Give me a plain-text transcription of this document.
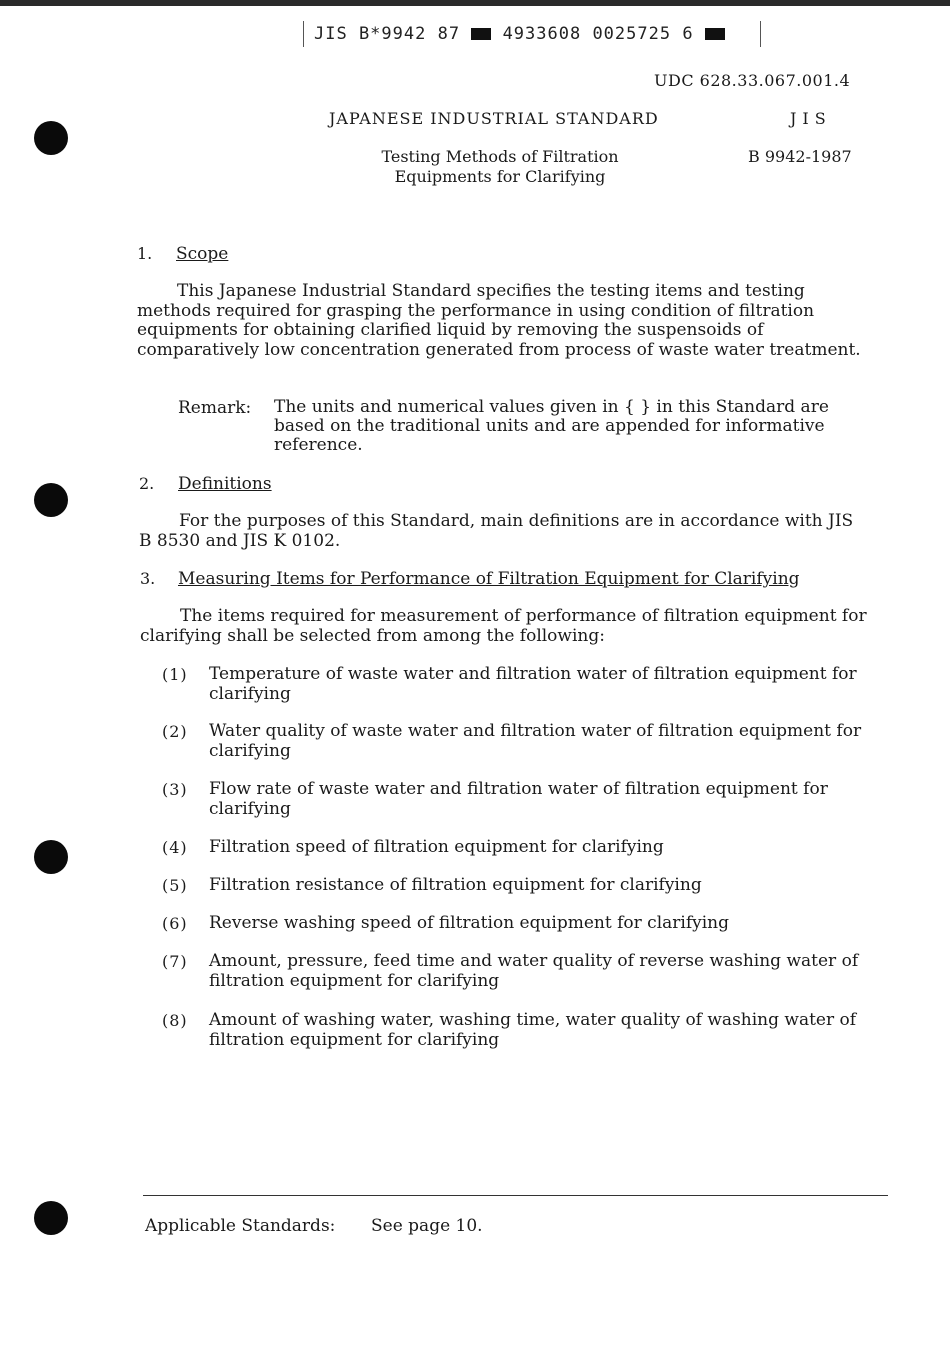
JIS B*9942 87	4933608 0025725 6
UDC 628.33.067.001.4
JAPANESE INDUSTRIAL STANDARD	JIS
Testing Methods of Filtration
Equipments for Clarifying
B 9942-1987
1. Scope
This Japanese Industrial Standard specifies the testing items and testing methods required for grasping the performance in using condition of filtration equipments for obtaining clarified liquid by removing the suspensoids of comparatively low concentration generated from process of waste water treatment.
Remark: The units and numerical values given in { } in this Standard are based on the traditional units and are appended for informative reference.
2. Definitions
For the purposes of this Standard, main definitions are in accordance with JIS B 8530 and JIS K 0102.
3. Measuring Items for Performance of Filtration Equipment for Clarifying
The items required for measurement of performance of filtration equipment for clarifying shall be selected from among the following:
(1) Temperature of waste water and filtration water of filtration equipment for clarifying
(2) Water quality of waste water and filtration water of filtration equipment for clarifying
(3) Flow rate of waste water and filtration water of filtration equipment for clarifying
(4) Filtration speed of filtration equipment for clarifying
(5) Filtration resistance of filtration equipment for clarifying
(6) Reverse washing speed of filtration equipment for clarifying
(7) Amount, pressure, feed time and water quality of reverse washing water of filtration equipment for clarifying
(8) Amount of washing water, washing time, water quality of washing water of filtration equipment for clarifying
Applicable Standards: See page 10.
